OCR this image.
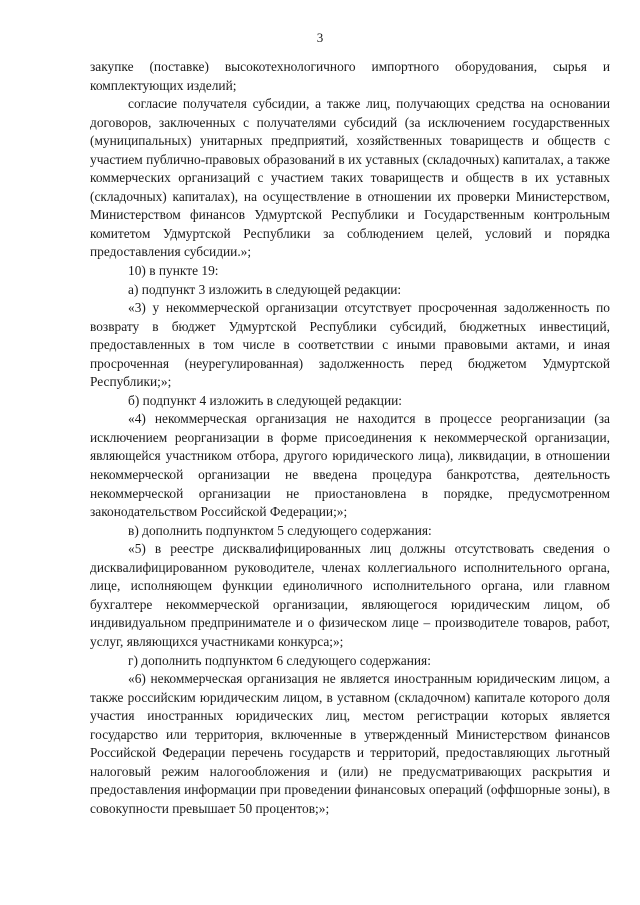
3

закупке (поставке) высокотехнологичного импортного оборудования, сырья и комплектующих изделий;

согласие получателя субсидии, а также лиц, получающих средства на основании договоров, заключенных с получателями субсидий (за исключением государственных (муниципальных) унитарных предприятий, хозяйственных товариществ и обществ с участием публично-правовых образований в их уставных (складочных) капиталах, а также коммерческих организаций с участием таких товариществ и обществ в их уставных (складочных) капиталах), на осуществление в отношении их проверки Министерством, Министерством финансов Удмуртской Республики и Государственным контрольным комитетом Удмуртской Республики за соблюдением целей, условий и порядка предоставления субсидии.»;

10) в пункте 19:

а) подпункт 3 изложить в следующей редакции:

«3) у некоммерческой организации отсутствует просроченная задолженность по возврату в бюджет Удмуртской Республики субсидий, бюджетных инвестиций, предоставленных в том числе в соответствии с иными правовыми актами, и иная просроченная (неурегулированная) задолженность перед бюджетом Удмуртской Республики;»;

б) подпункт 4 изложить в следующей редакции:

«4) некоммерческая организация не находится в процессе реорганизации (за исключением реорганизации в форме присоединения к некоммерческой организации, являющейся участником отбора, другого юридического лица), ликвидации, в отношении некоммерческой организации не введена процедура банкротства, деятельность некоммерческой организации не приостановлена в порядке, предусмотренном законодательством Российской Федерации;»;

в) дополнить подпунктом 5 следующего содержания:

«5) в реестре дисквалифицированных лиц должны отсутствовать сведения о дисквалифицированном руководителе, членах коллегиального исполнительного органа, лице, исполняющем функции единоличного исполнительного органа, или главном бухгалтере некоммерческой организации, являющегося юридическим лицом, об индивидуальном предпринимателе и о физическом лице – производителе товаров, работ, услуг, являющихся участниками конкурса;»;

г) дополнить подпунктом 6 следующего содержания:

«6) некоммерческая организация не является иностранным юридическим лицом, а также российским юридическим лицом, в уставном (складочном) капитале которого доля участия иностранных юридических лиц, местом регистрации которых является государство или территория, включенные в утвержденный Министерством финансов Российской Федерации перечень государств и территорий, предоставляющих льготный налоговый режим налогообложения и (или) не предусматривающих раскрытия и предоставления информации при проведении финансовых операций (оффшорные зоны), в совокупности превышает 50 процентов;»;
